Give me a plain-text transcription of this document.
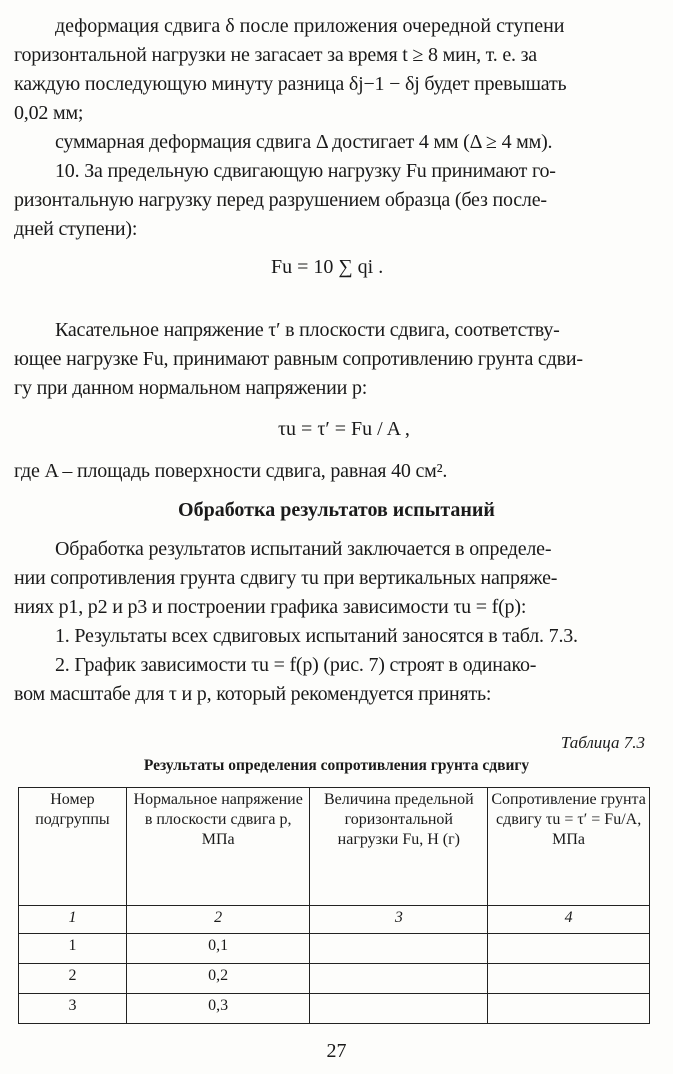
деформация сдвига δ после приложения очередной ступени

горизонтальной нагрузки не загасает за время t ≥ 8 мин, т. е. за

каждую последующую минуту разница δj−1 − δj будет превышать

0,02 мм;

суммарная деформация сдвига Δ достигает 4 мм (Δ ≥ 4 мм).

10. За предельную сдвигающую нагрузку Fu принимают го-

ризонтальную нагрузку перед разрушением образца (без после-

дней ступени):

Fu = 10 ∑ qi .

Касательное напряжение τ′ в плоскости сдвига, соответству-

ющее нагрузке Fu, принимают равным сопротивлению грунта сдви-

гу при данном нормальном напряжении p:

τu = τ′ = Fu / A ,

где A – площадь поверхности сдвига, равная 40 см².

Обработка результатов испытаний

Обработка результатов испытаний заключается в определе-

нии сопротивления грунта сдвигу τu при вертикальных напряже-

ниях p1, p2 и p3 и построении графика зависимости τu = f(p):

1. Результаты всех сдвиговых испытаний заносятся в табл. 7.3.

2. График зависимости τu = f(p) (рис. 7) строят в одинако-

вом масштабе для τ и p, который рекомендуется принять:

Таблица 7.3

Результаты определения сопротивления грунта сдвигу

Номер подгруппы	Нормальное напряжение в плоскости сдвига p, МПа	Величина предельной горизонтальной нагрузки Fu, Н (г)	Сопротивление грунта сдвигу τu = τ′ = Fu/A, МПа
1	2	3	4
1	0,1		
2	0,2		
3	0,3		

27
